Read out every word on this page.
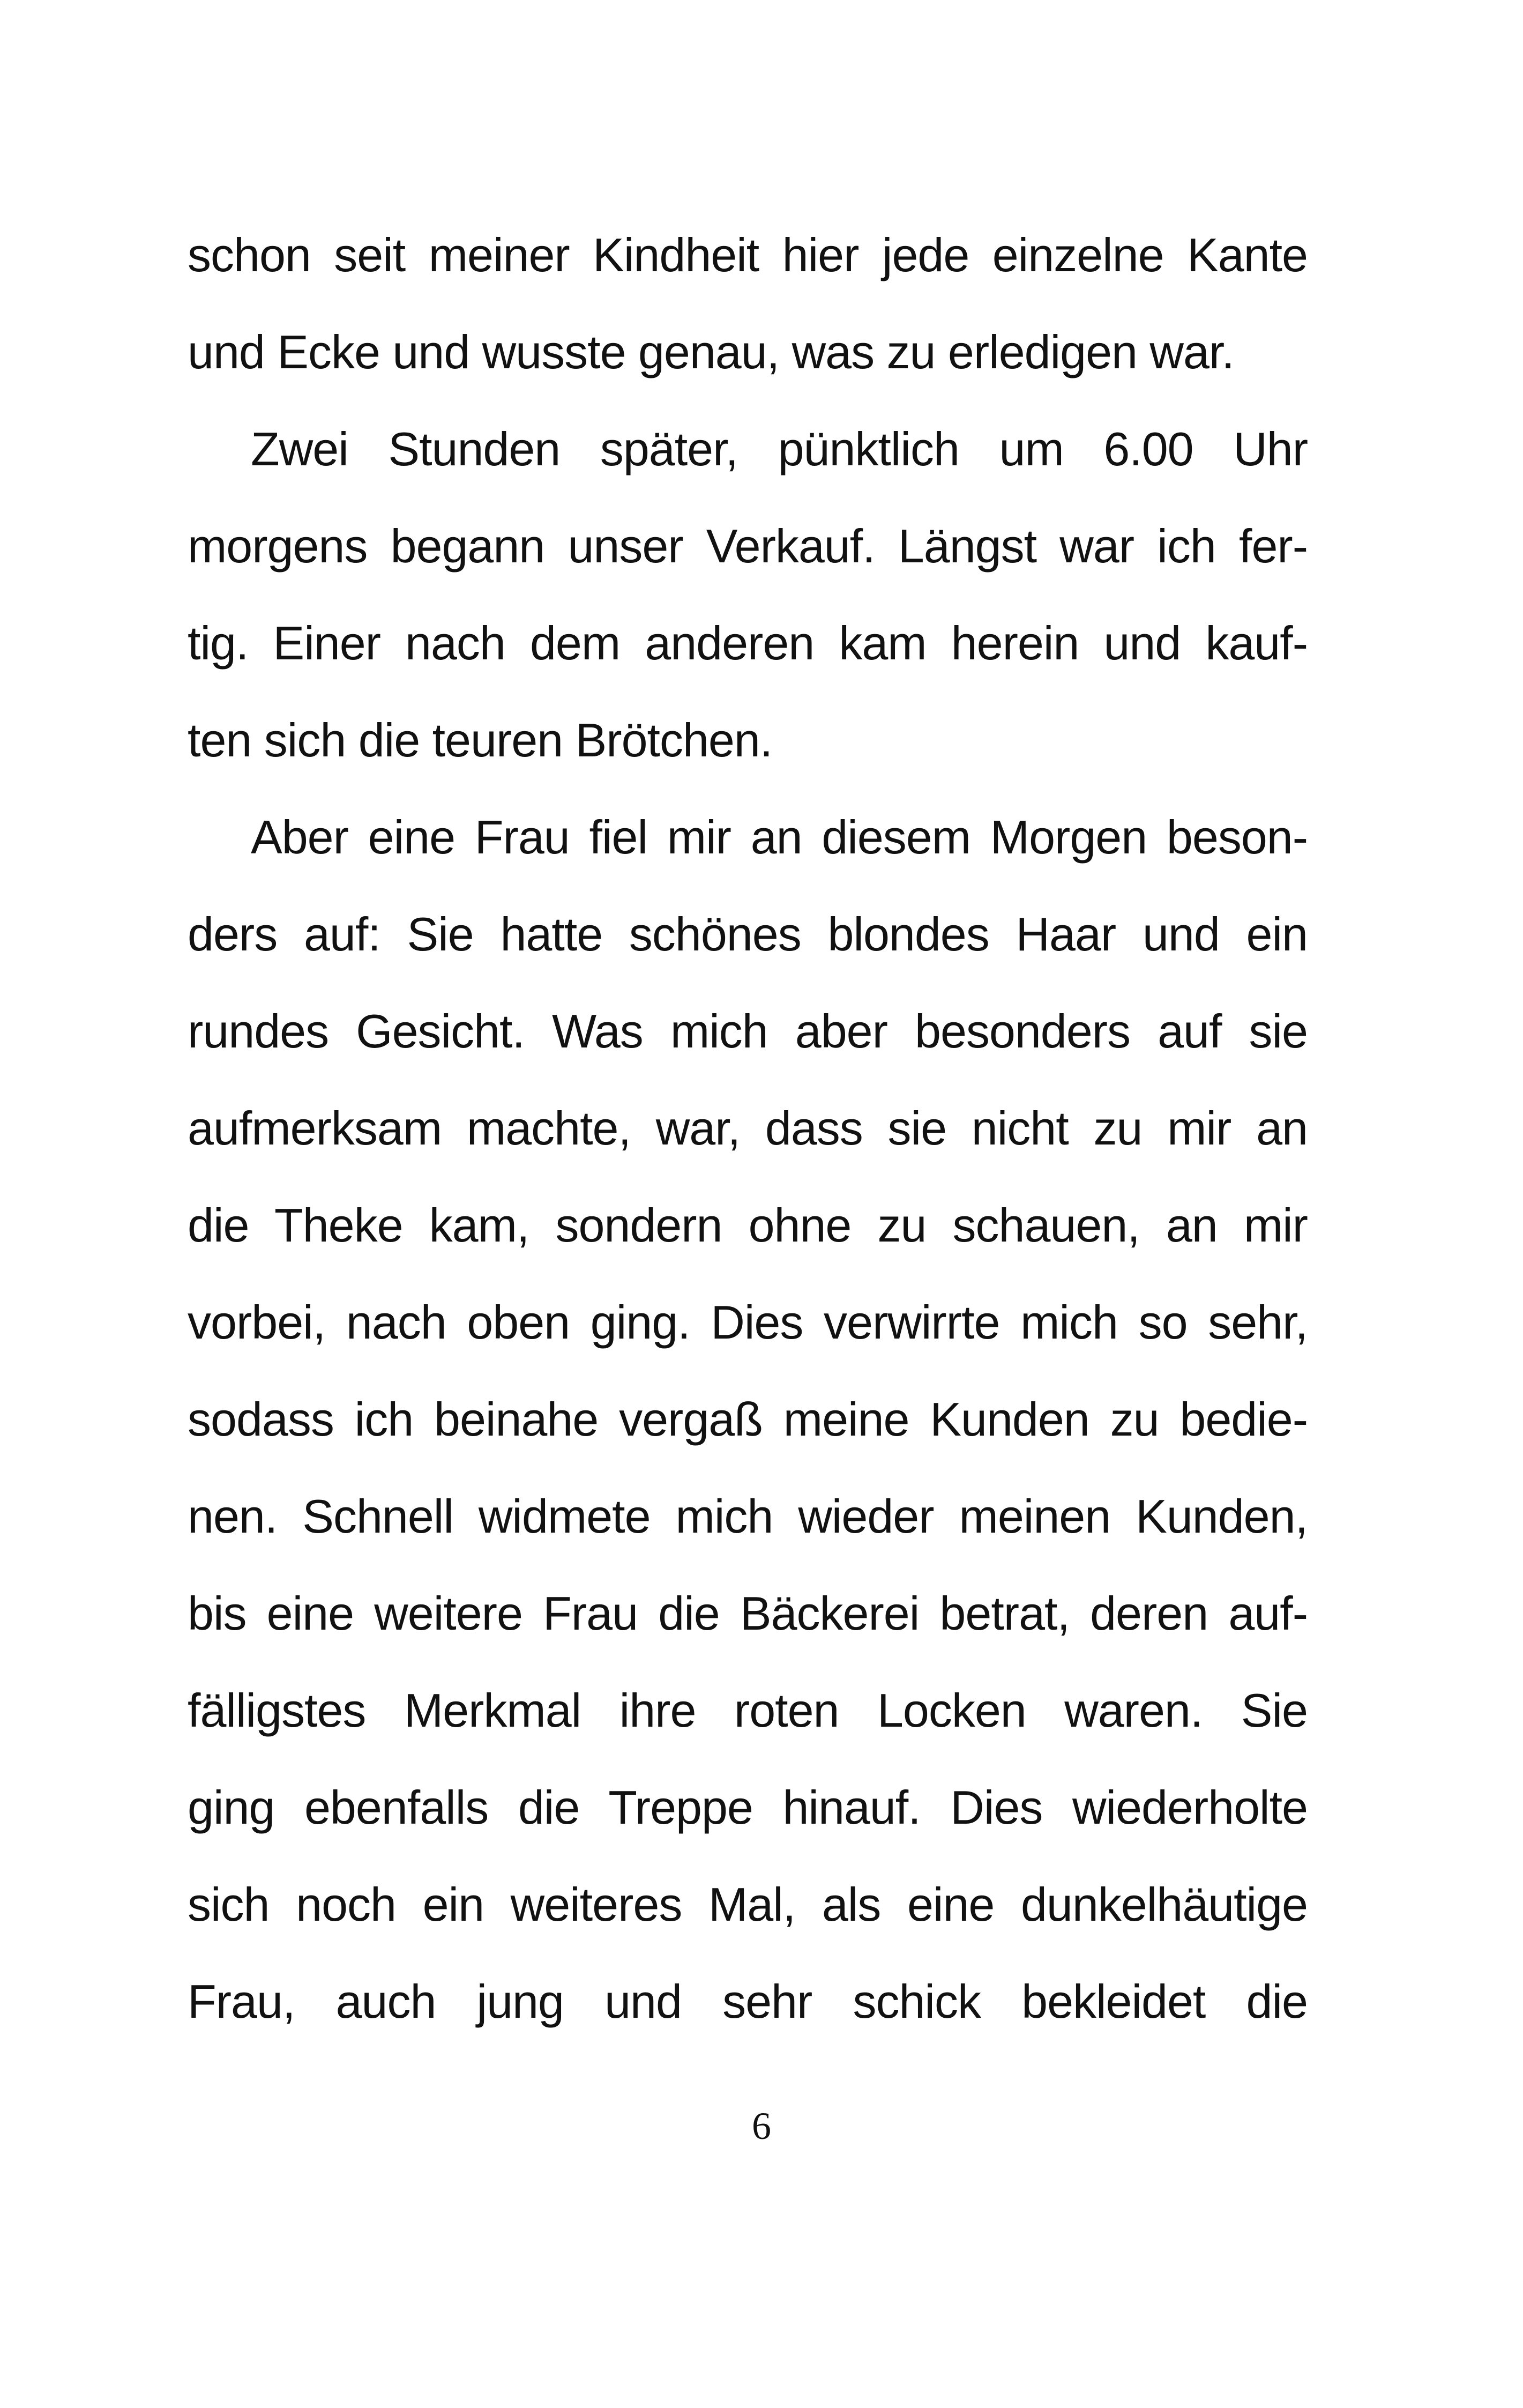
schon seit meiner Kindheit hier jede einzelne Kante
und Ecke und wusste genau, was zu erledigen war.
Zwei Stunden später, pünktlich um 6.00 Uhr
morgens begann unser Verkauf. Längst war ich fer-
tig. Einer nach dem anderen kam herein und kauf-
ten sich die teuren Brötchen.
Aber eine Frau fiel mir an diesem Morgen beson-
ders auf: Sie hatte schönes blondes Haar und ein
rundes Gesicht. Was mich aber besonders auf sie
aufmerksam machte, war, dass sie nicht zu mir an
die Theke kam, sondern ohne zu schauen, an mir
vorbei, nach oben ging. Dies verwirrte mich so sehr,
sodass ich beinahe vergaß meine Kunden zu bedie-
nen. Schnell widmete mich wieder meinen Kunden,
bis eine weitere Frau die Bäckerei betrat, deren auf-
fälligstes Merkmal ihre roten Locken waren. Sie
ging ebenfalls die Treppe hinauf. Dies wiederholte
sich noch ein weiteres Mal, als eine dunkelhäutige
Frau, auch jung und sehr schick bekleidet die
6
